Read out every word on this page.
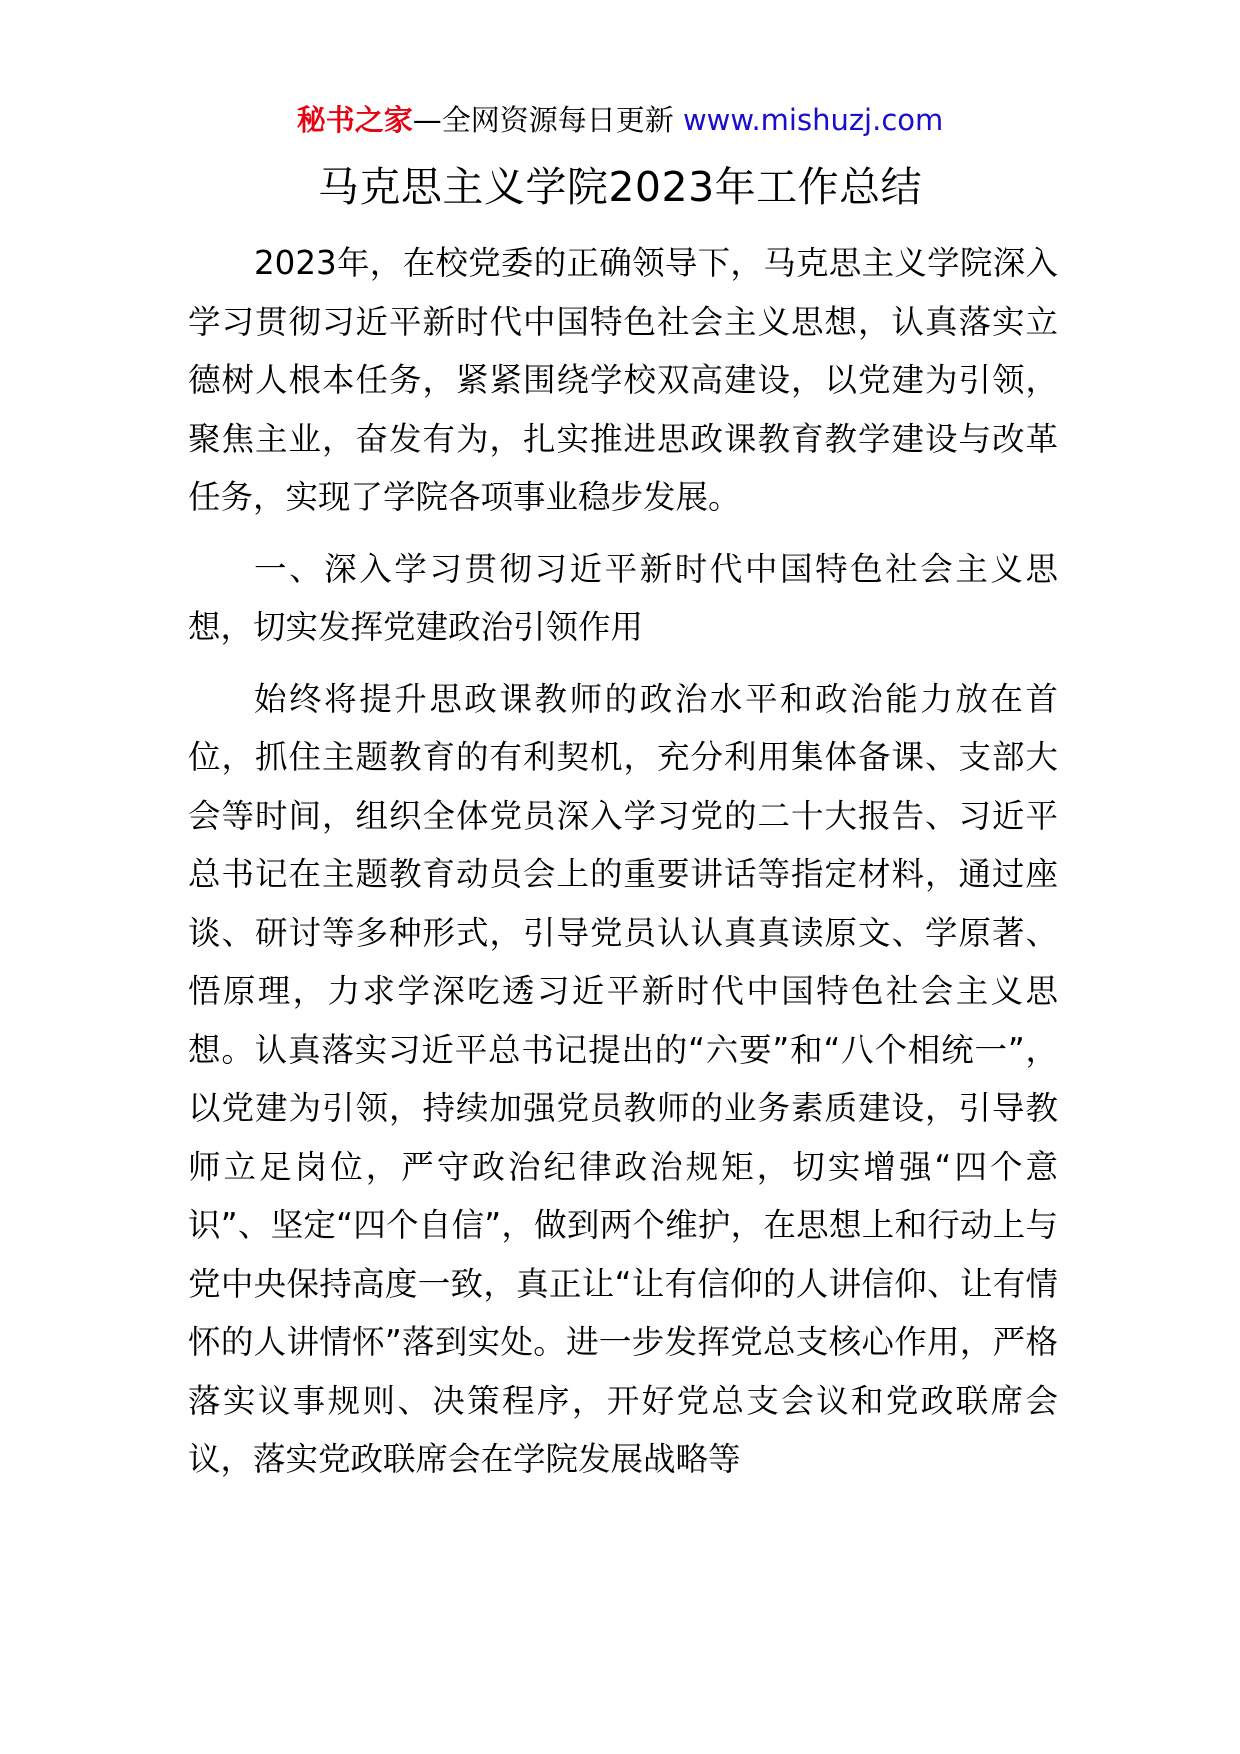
秘书之家—全网资源每日更新 www.mishuzj.com
马克思主义学院2023年工作总结

2023年，在校党委的正确领导下，马克思主义学院深入学习贯彻习近平新时代中国特色社会主义思想，认真落实立德树人根本任务，紧紧围绕学校双高建设，以党建为引领，聚焦主业，奋发有为，扎实推进思政课教育教学建设与改革任务，实现了学院各项事业稳步发展。

一、深入学习贯彻习近平新时代中国特色社会主义思想，切实发挥党建政治引领作用

始终将提升思政课教师的政治水平和政治能力放在首位，抓住主题教育的有利契机，充分利用集体备课、支部大会等时间，组织全体党员深入学习党的二十大报告、习近平总书记在主题教育动员会上的重要讲话等指定材料，通过座谈、研讨等多种形式，引导党员认认真真读原文、学原著、悟原理，力求学深吃透习近平新时代中国特色社会主义思想。认真落实习近平总书记提出的“六要”和“八个相统一”，以党建为引领，持续加强党员教师的业务素质建设，引导教师立足岗位，严守政治纪律政治规矩，切实增强“四个意识”、坚定“四个自信”，做到两个维护，在思想上和行动上与党中央保持高度一致，真正让“让有信仰的人讲信仰、让有情怀的人讲情怀”落到实处。进一步发挥党总支核心作用，严格落实议事规则、决策程序，开好党总支会议和党政联席会议，落实党政联席会在学院发展战略等
